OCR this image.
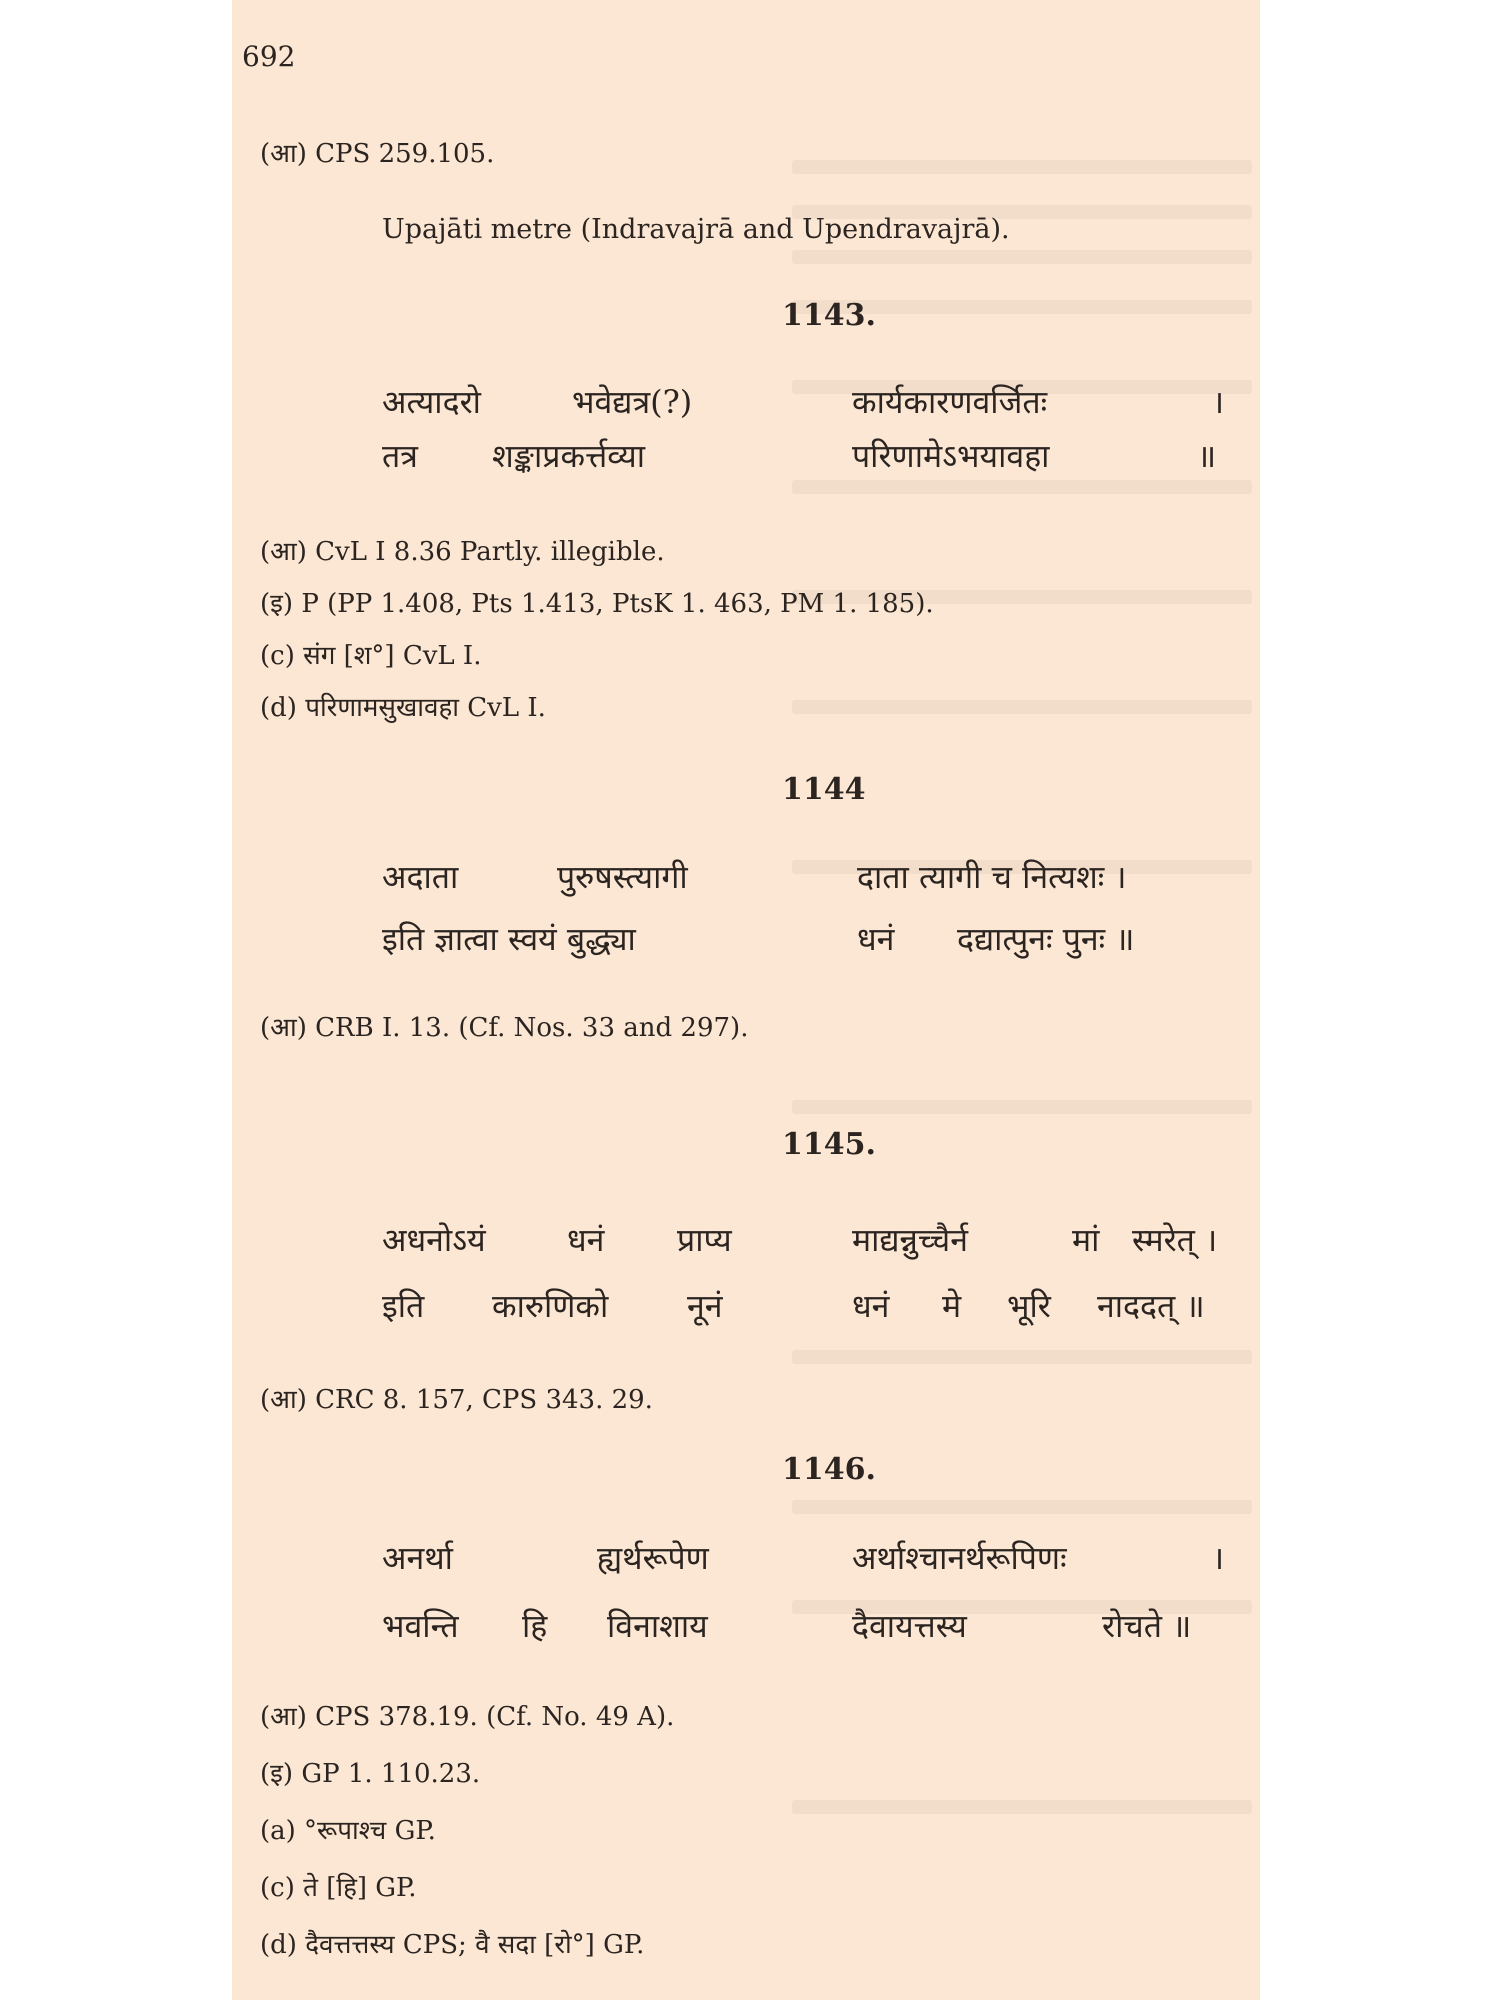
692
(आ) CPS 259.105.
Upajāti metre (Indravajrā and Upendravajrā).
1143.
अत्यादरो	भवेद्यत्र(?)	कार्यकारणवर्जितः	।
तत्र शङ्काप्रकर्त्तव्या	परिणामेऽभयावहा	॥
(आ) CvL I 8.36 Partly. illegible.
(इ) P (PP 1.408, Pts 1.413, PtsK 1. 463, PM 1. 185).
(c) संग [श°] CvL I.
(d) परिणामसुखावहा CvL I.
1144
अदाता	पुरुषस्त्यागी	दाता त्यागी च नित्यशः ।
इति ज्ञात्वा स्वयं बुद्ध्या	धनं दद्यात्पुनः पुनः ॥
(आ) CRB I. 13. (Cf. Nos. 33 and 297).
1145.
अधनोऽयं	धनं प्राप्य	माद्यन्नुच्चैर्न	मां स्मरेत् ।
इति कारुणिको नूनं	धनं मे भूरि नाददत् ॥
(आ) CRC 8. 157, CPS 343. 29.
1146.
अनर्था	ह्यर्थरूपेण	अर्थाश्चानर्थरूपिणः	।
भवन्ति हि विनाशाय	दैवायत्तस्य	रोचते ॥
(आ) CPS 378.19. (Cf. No. 49 A).
(इ) GP 1. 110.23.
(a) °रूपाश्च GP.
(c) ते [हि] GP.
(d) दैवत्तत्तस्य CPS; वै सदा [रो°] GP.
